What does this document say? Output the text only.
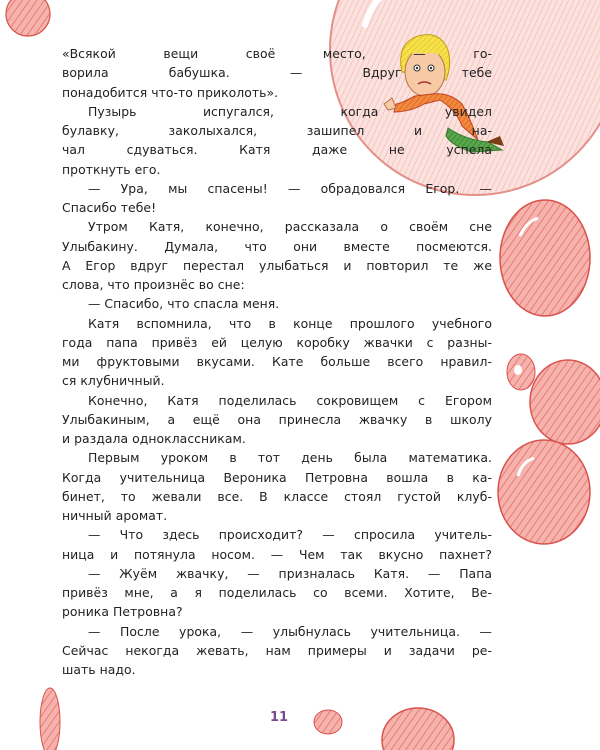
«Всякой вещи своё место, — го-
ворила бабушка. — Вдруг тебе
понадобится что-то приколоть».
Пузырь испугался, когда увидел
булавку, заколыхался, зашипел и на-
чал сдуваться. Катя даже не успела
проткнуть его.
— Ура, мы спасены! — обрадовался Егор. —
Спасибо тебе!
Утром Катя, конечно, рассказала о своём сне
Улыбакину. Думала, что они вместе посмеются.
А Егор вдруг перестал улыбаться и повторил те же
слова, что произнёс во сне:
— Спасибо, что спасла меня.
Катя вспомнила, что в конце прошлого учебного
года папа привёз ей целую коробку жвачки с разны-
ми фруктовыми вкусами. Кате больше всего нравил-
ся клубничный.
Конечно, Катя поделилась сокровищем с Егором
Улыбакиным, а ещё она принесла жвачку в школу
и раздала одноклассникам.
Первым уроком в тот день была математика.
Когда учительница Вероника Петровна вошла в ка-
бинет, то жевали все. В классе стоял густой клуб-
ничный аромат.
— Что здесь происходит? — спросила учитель-
ница и потянула носом. — Чем так вкусно пахнет?
— Жуём жвачку, — призналась Катя. — Папа
привёз мне, а я поделилась со всеми. Хотите, Ве-
роника Петровна?
— После урока, — улыбнулась учительница. —
Сейчас некогда жевать, нам примеры и задачи ре-
шать надо.
11
